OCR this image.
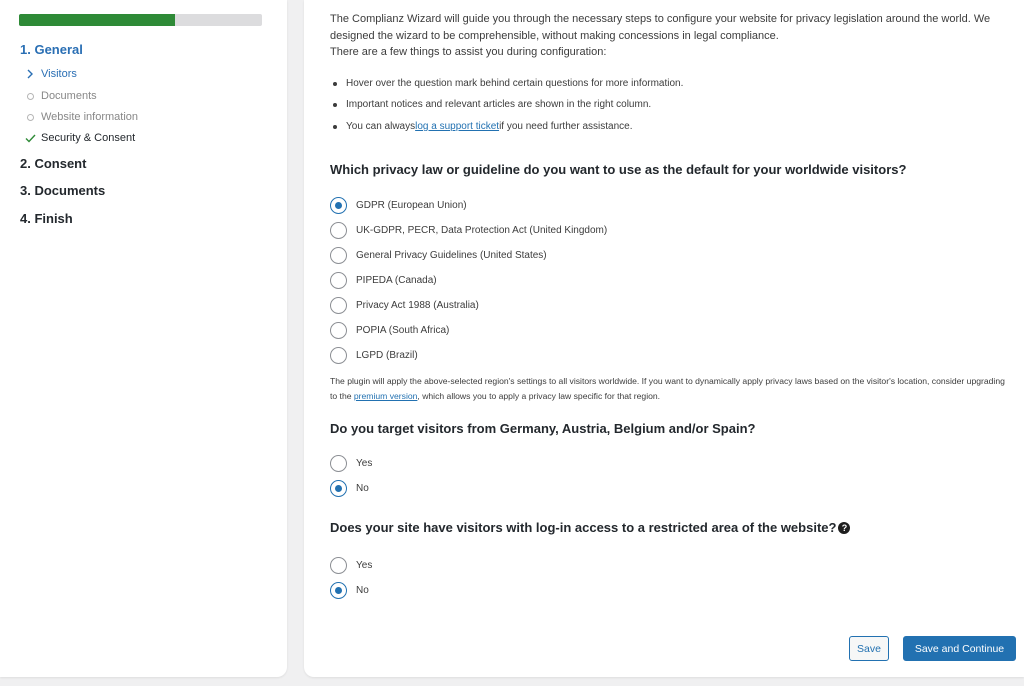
1. General
Visitors
Documents
Website information
Security & Consent
2. Consent
3. Documents
4. Finish

The Complianz Wizard will guide you through the necessary steps to configure your website for privacy legislation around the world. We designed the wizard to be comprehensible, without making concessions in legal compliance.

There are a few things to assist you during configuration:

Hover over the question mark behind certain questions for more information.
Important notices and relevant articles are shown in the right column.
You can always log a support ticket if you need further assistance.
Which privacy law or guideline do you want to use as the default for your worldwide visitors?
GDPR (European Union)
UK-GDPR, PECR, Data Protection Act (United Kingdom)
General Privacy Guidelines (United States)
PIPEDA (Canada)
Privacy Act 1988 (Australia)
POPIA (South Africa)
LGPD (Brazil)
The plugin will apply the above-selected region's settings to all visitors worldwide. If you want to dynamically apply privacy laws based on the visitor's location, consider upgrading to the premium version, which allows you to apply a privacy law specific for that region.
Do you target visitors from Germany, Austria, Belgium and/or Spain?
Yes
No
Does your site have visitors with log-in access to a restricted area of the website? ?
Yes
No
Save	Save and Continue
